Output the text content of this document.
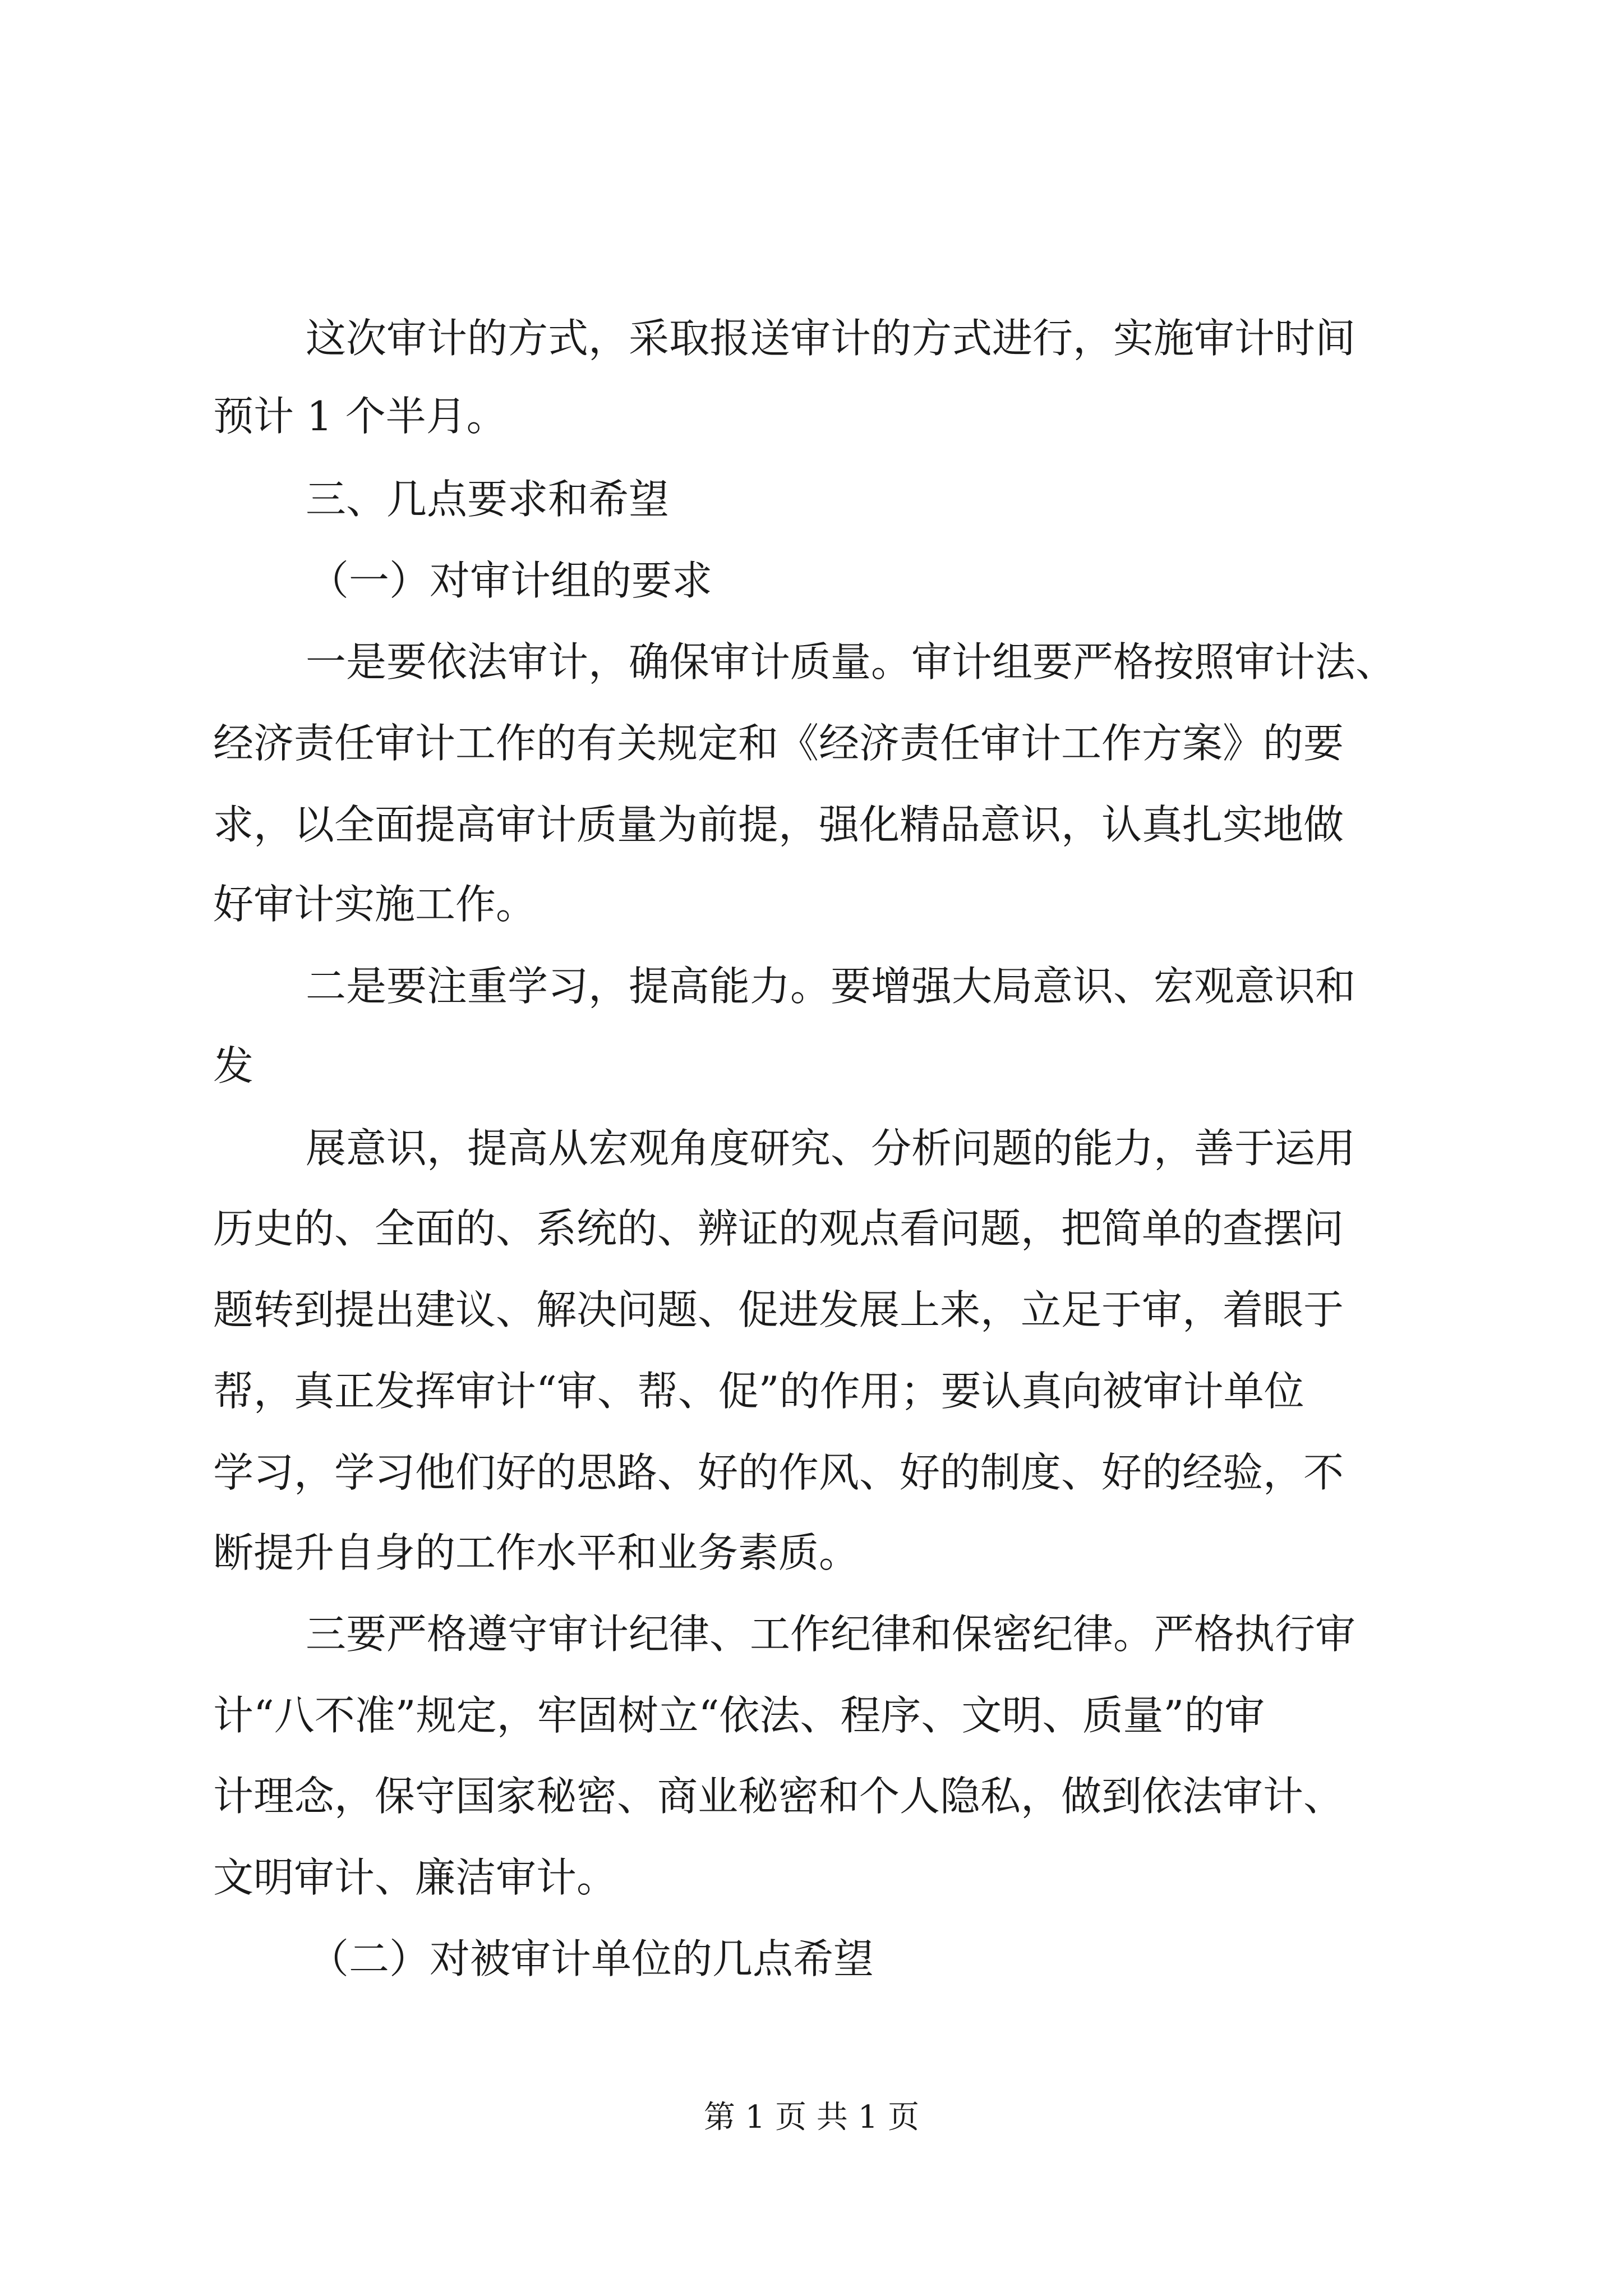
这次审计的方式，采取报送审计的方式进行，实施审计时间

预计 1 个半月。

三、几点要求和希望

（一）对审计组的要求

一是要依法审计，确保审计质量。审计组要严格按照审计法、

经济责任审计工作的有关规定和《经济责任审计工作方案》的要

求，以全面提高审计质量为前提，强化精品意识，认真扎实地做

好审计实施工作。

二是要注重学习，提高能力。要增强大局意识、宏观意识和

发

展意识，提高从宏观角度研究、分析问题的能力，善于运用

历史的、全面的、系统的、辨证的观点看问题，把简单的查摆问

题转到提出建议、解决问题、促进发展上来，立足于审，着眼于

帮，真正发挥审计“审、帮、促”的作用；要认真向被审计单位

学习，学习他们好的思路、好的作风、好的制度、好的经验，不

断提升自身的工作水平和业务素质。

三要严格遵守审计纪律、工作纪律和保密纪律。严格执行审

计“八不准”规定，牢固树立“依法、程序、文明、质量”的审

计理念，保守国家秘密、商业秘密和个人隐私，做到依法审计、

文明审计、廉洁审计。

（二）对被审计单位的几点希望

第 1 页 共 1 页
